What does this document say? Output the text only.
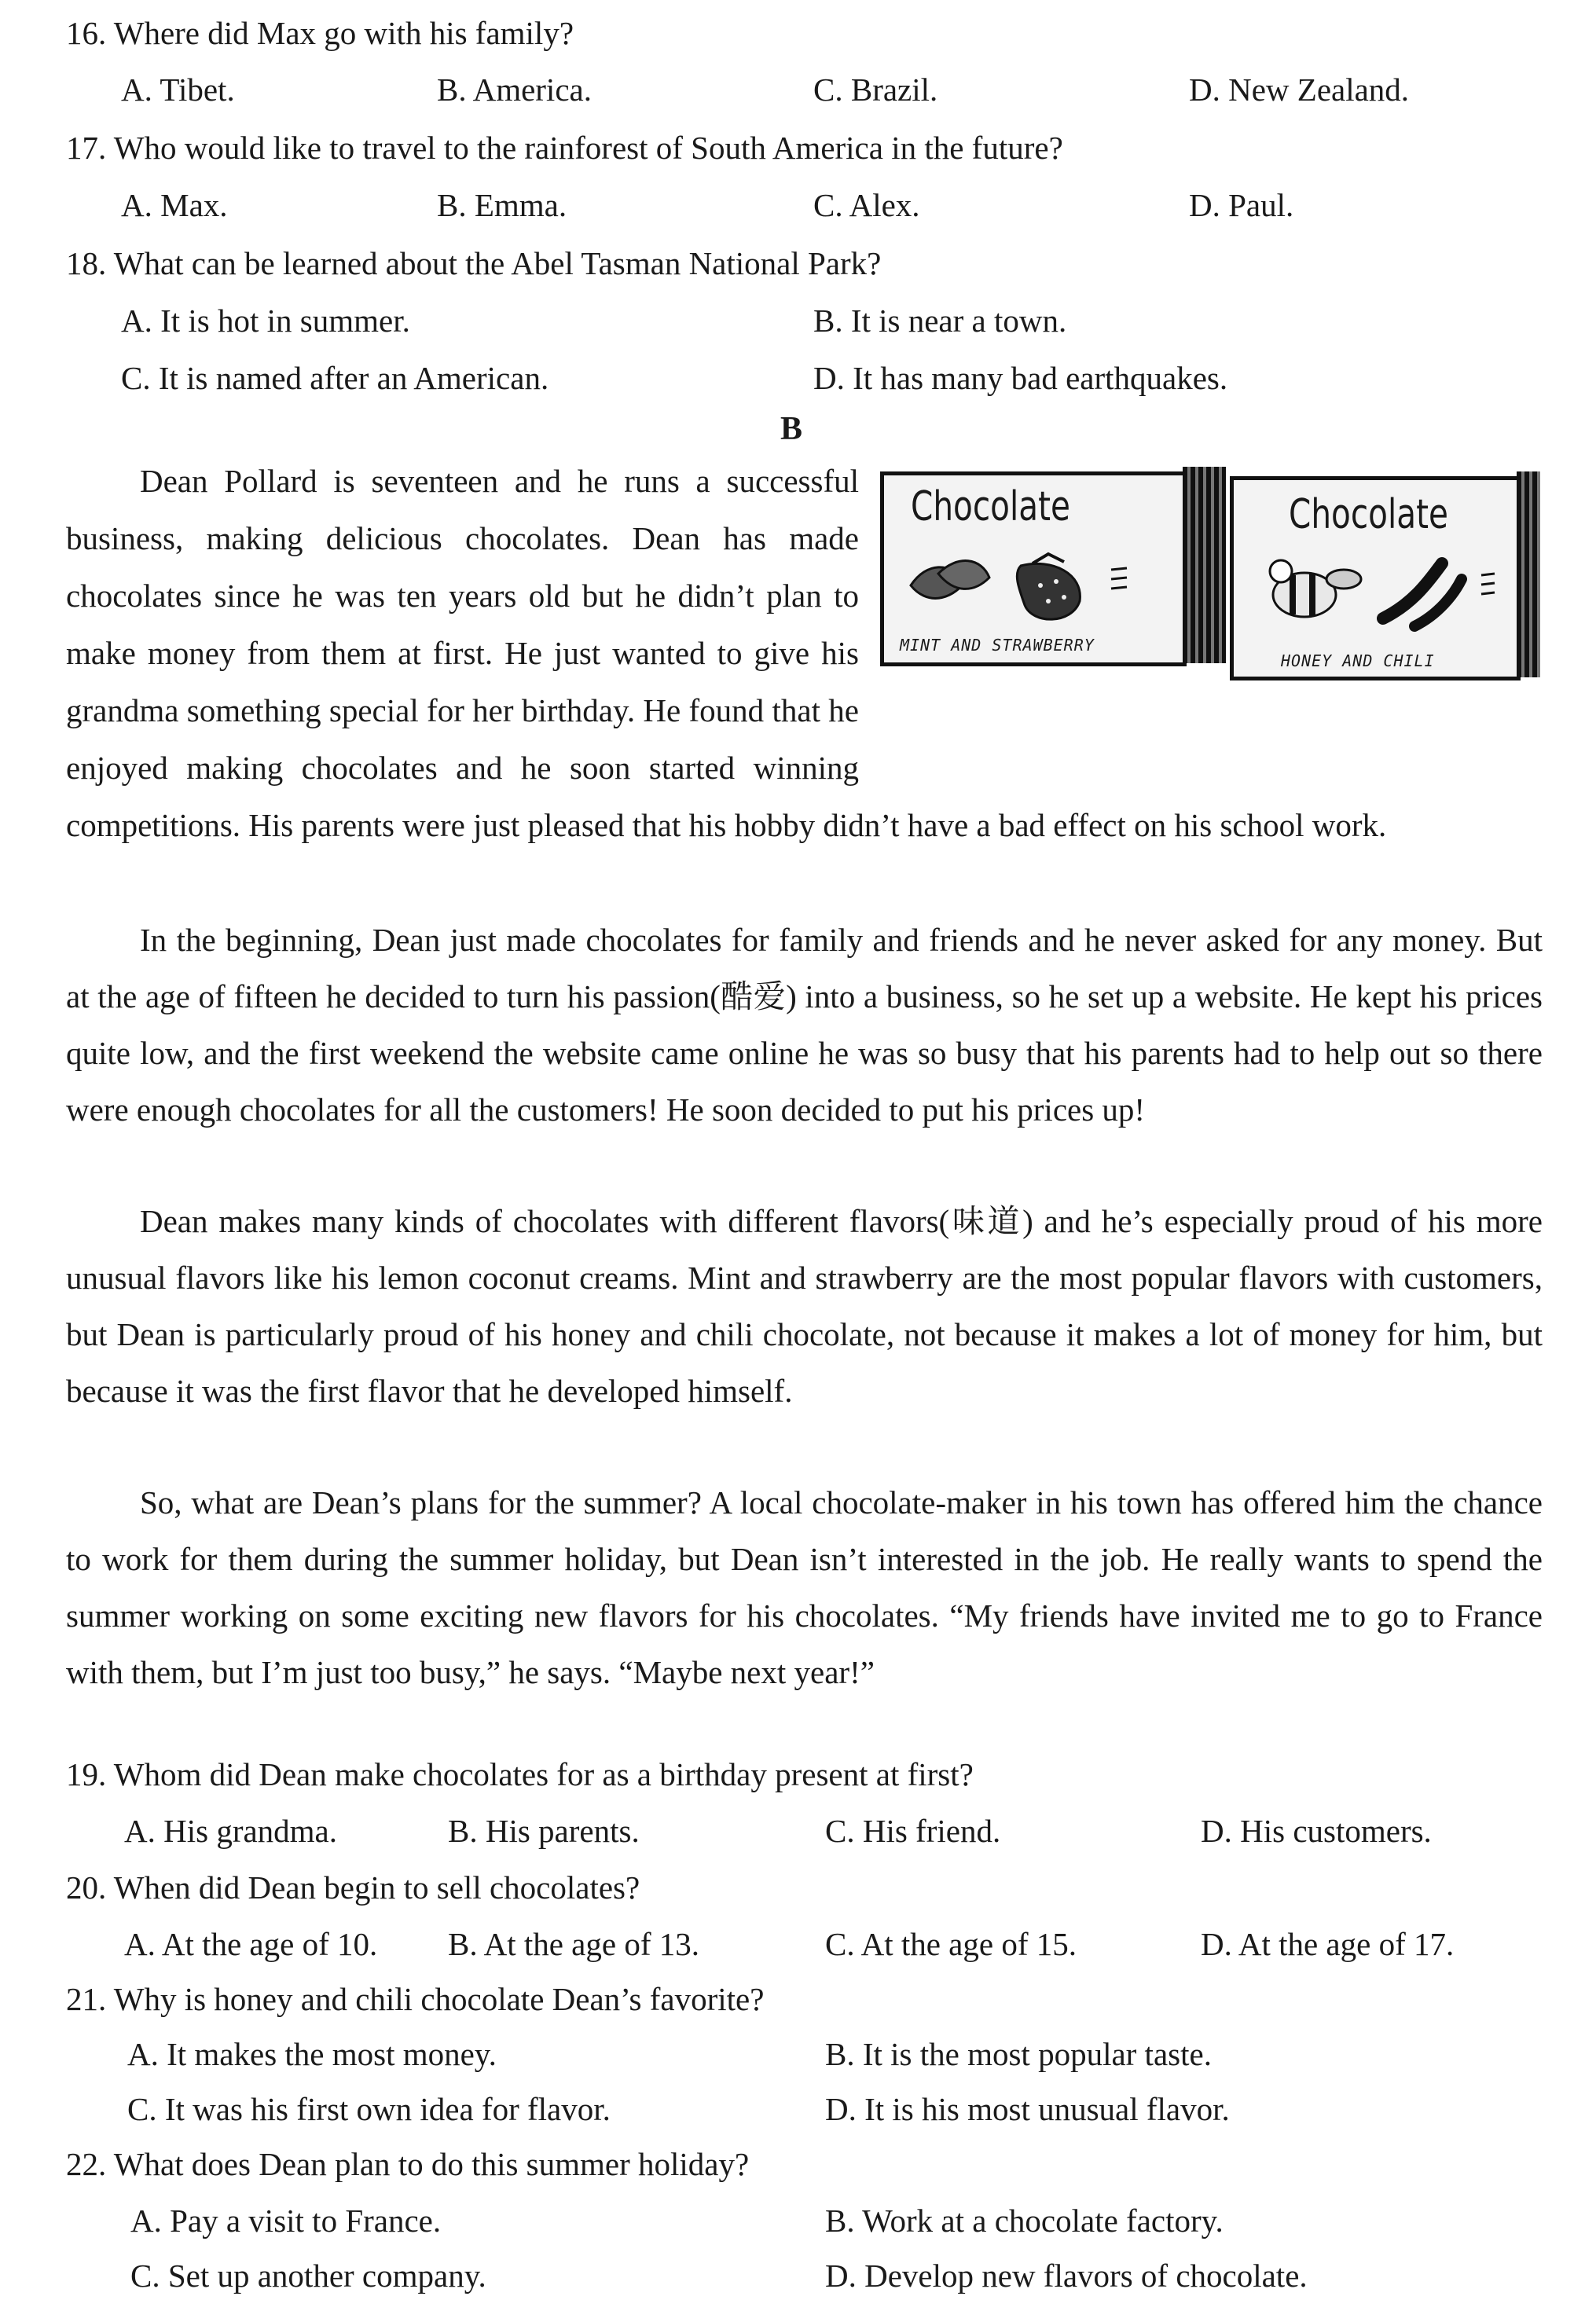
16. Where did Max go with his family?
A. Tibet.	B. America.	C. Brazil.	D. New Zealand.
17. Who would like to travel to the rainforest of South America in the future?
A. Max.	B. Emma.	C. Alex.	D. Paul.
18. What can be learned about the Abel Tasman National Park?
A. It is hot in summer.	B. It is near a town.
C. It is named after an American.	D. It has many bad earthquakes.
B
Dean Pollard is seventeen and he runs a successful business, making delicious chocolates. Dean has made chocolates since he was ten years old but he didn’t plan to make money from them at first. He just wanted to give his grandma something special for her birthday. He found that he enjoyed making chocolates and he soon started winning competitions. His parents were just pleased that his hobby didn’t have a bad effect on his school work.
Chocolate
MINT AND STRAWBERRY
Chocolate
HONEY AND CHILI
In the beginning, Dean just made chocolates for family and friends and he never asked for any money. But at the age of fifteen he decided to turn his passion(酷爱) into a business, so he set up a website. He kept his prices quite low, and the first weekend the website came online he was so busy that his parents had to help out so there were enough chocolates for all the customers! He soon decided to put his prices up!
Dean makes many kinds of chocolates with different flavors(味道) and he’s especially proud of his more unusual flavors like his lemon coconut creams. Mint and strawberry are the most popular flavors with customers, but Dean is particularly proud of his honey and chili chocolate, not because it makes a lot of money for him, but because it was the first flavor that he developed himself.
So, what are Dean’s plans for the summer? A local chocolate-maker in his town has offered him the chance to work for them during the summer holiday, but Dean isn’t interested in the job. He really wants to spend the summer working on some exciting new flavors for his chocolates. “My friends have invited me to go to France with them, but I’m just too busy,” he says. “Maybe next year!”
19. Whom did Dean make chocolates for as a birthday present at first?
A. His grandma.	B. His parents.	C. His friend.	D. His customers.
20. When did Dean begin to sell chocolates?
A. At the age of 10. B. At the age of 13.	C. At the age of 15.	D. At the age of 17.
21. Why is honey and chili chocolate Dean’s favorite?
A. It makes the most money.	B. It is the most popular taste.
C. It was his first own idea for flavor.	D. It is his most unusual flavor.
22. What does Dean plan to do this summer holiday?
A. Pay a visit to France.	B. Work at a chocolate factory.
C. Set up another company.	D. Develop new flavors of chocolate.
